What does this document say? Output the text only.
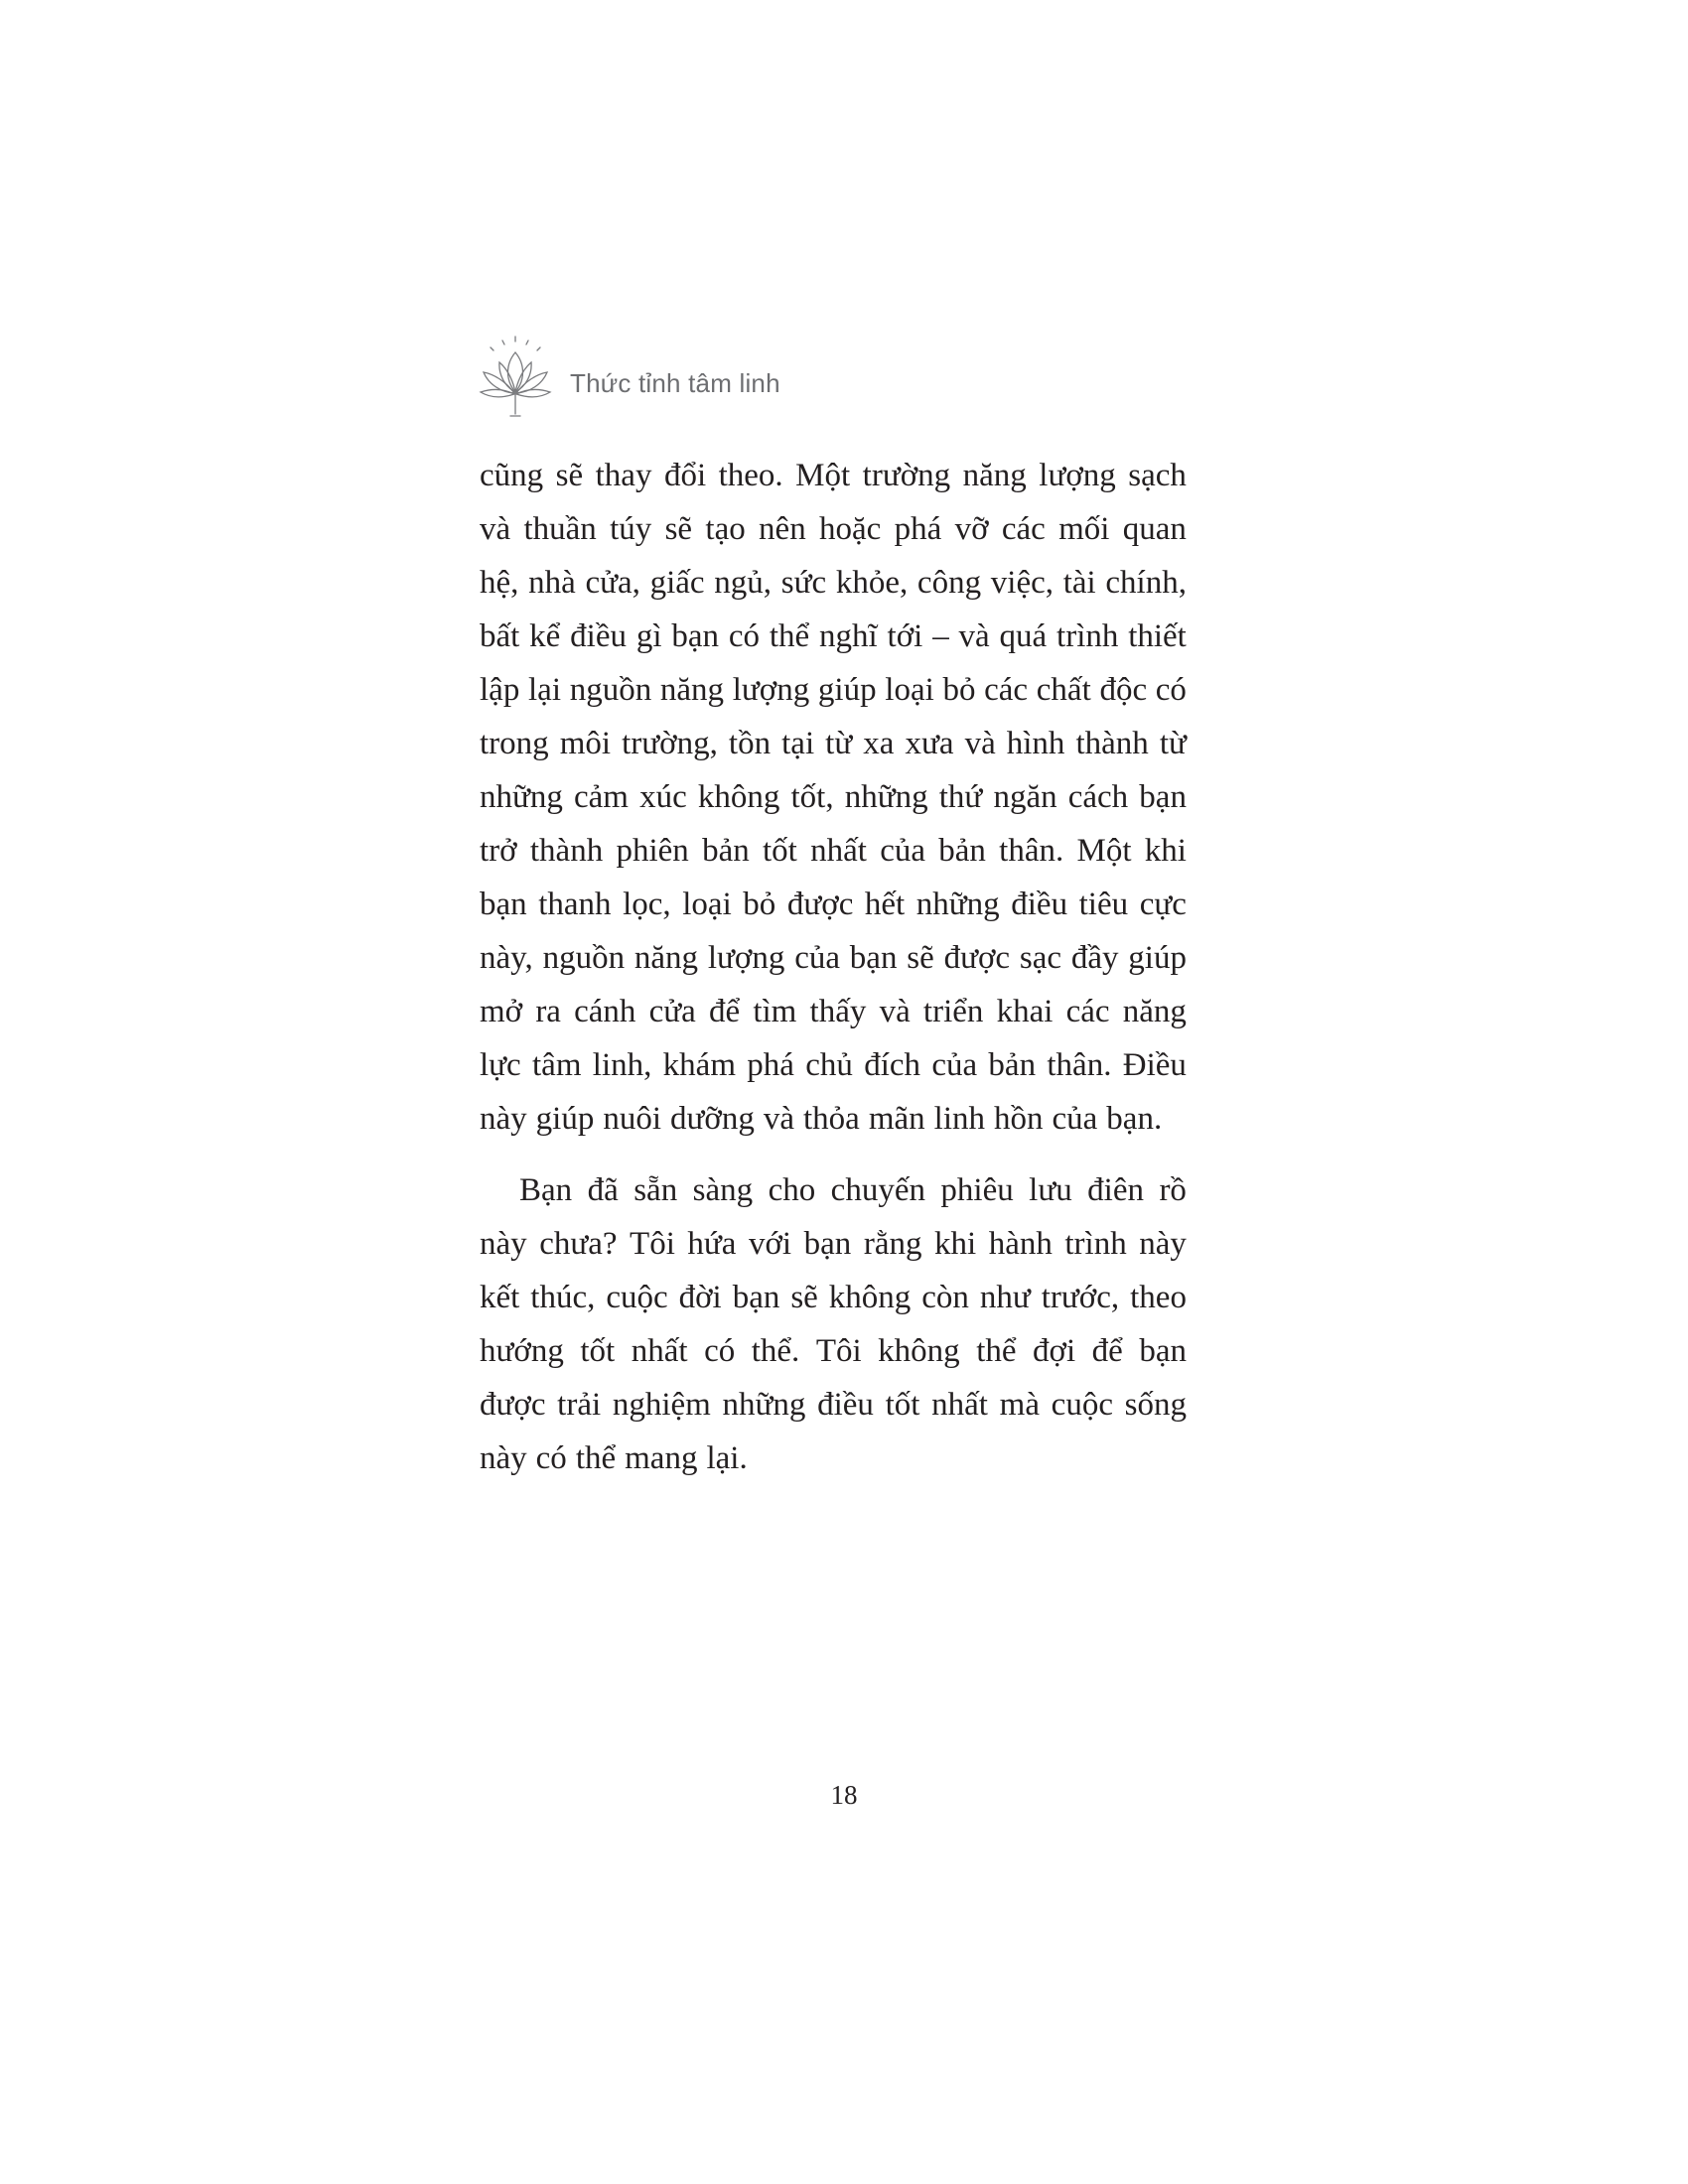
Thức tỉnh tâm linh
cũng sẽ thay đổi theo. Một trường năng lượng sạch
và thuần túy sẽ tạo nên hoặc phá vỡ các mối quan
hệ, nhà cửa, giấc ngủ, sức khỏe, công việc, tài chính,
bất kể điều gì bạn có thể nghĩ tới – và quá trình thiết
lập lại nguồn năng lượng giúp loại bỏ các chất độc có
trong môi trường, tồn tại từ xa xưa và hình thành từ
những cảm xúc không tốt, những thứ ngăn cách bạn
trở thành phiên bản tốt nhất của bản thân. Một khi
bạn thanh lọc, loại bỏ được hết những điều tiêu cực
này, nguồn năng lượng của bạn sẽ được sạc đầy giúp
mở ra cánh cửa để tìm thấy và triển khai các năng
lực tâm linh, khám phá chủ đích của bản thân. Điều
này giúp nuôi dưỡng và thỏa mãn linh hồn của bạn.
Bạn đã sẵn sàng cho chuyến phiêu lưu điên rồ
này chưa? Tôi hứa với bạn rằng khi hành trình này
kết thúc, cuộc đời bạn sẽ không còn như trước, theo
hướng tốt nhất có thể. Tôi không thể đợi để bạn
được trải nghiệm những điều tốt nhất mà cuộc sống
này có thể mang lại.
18
